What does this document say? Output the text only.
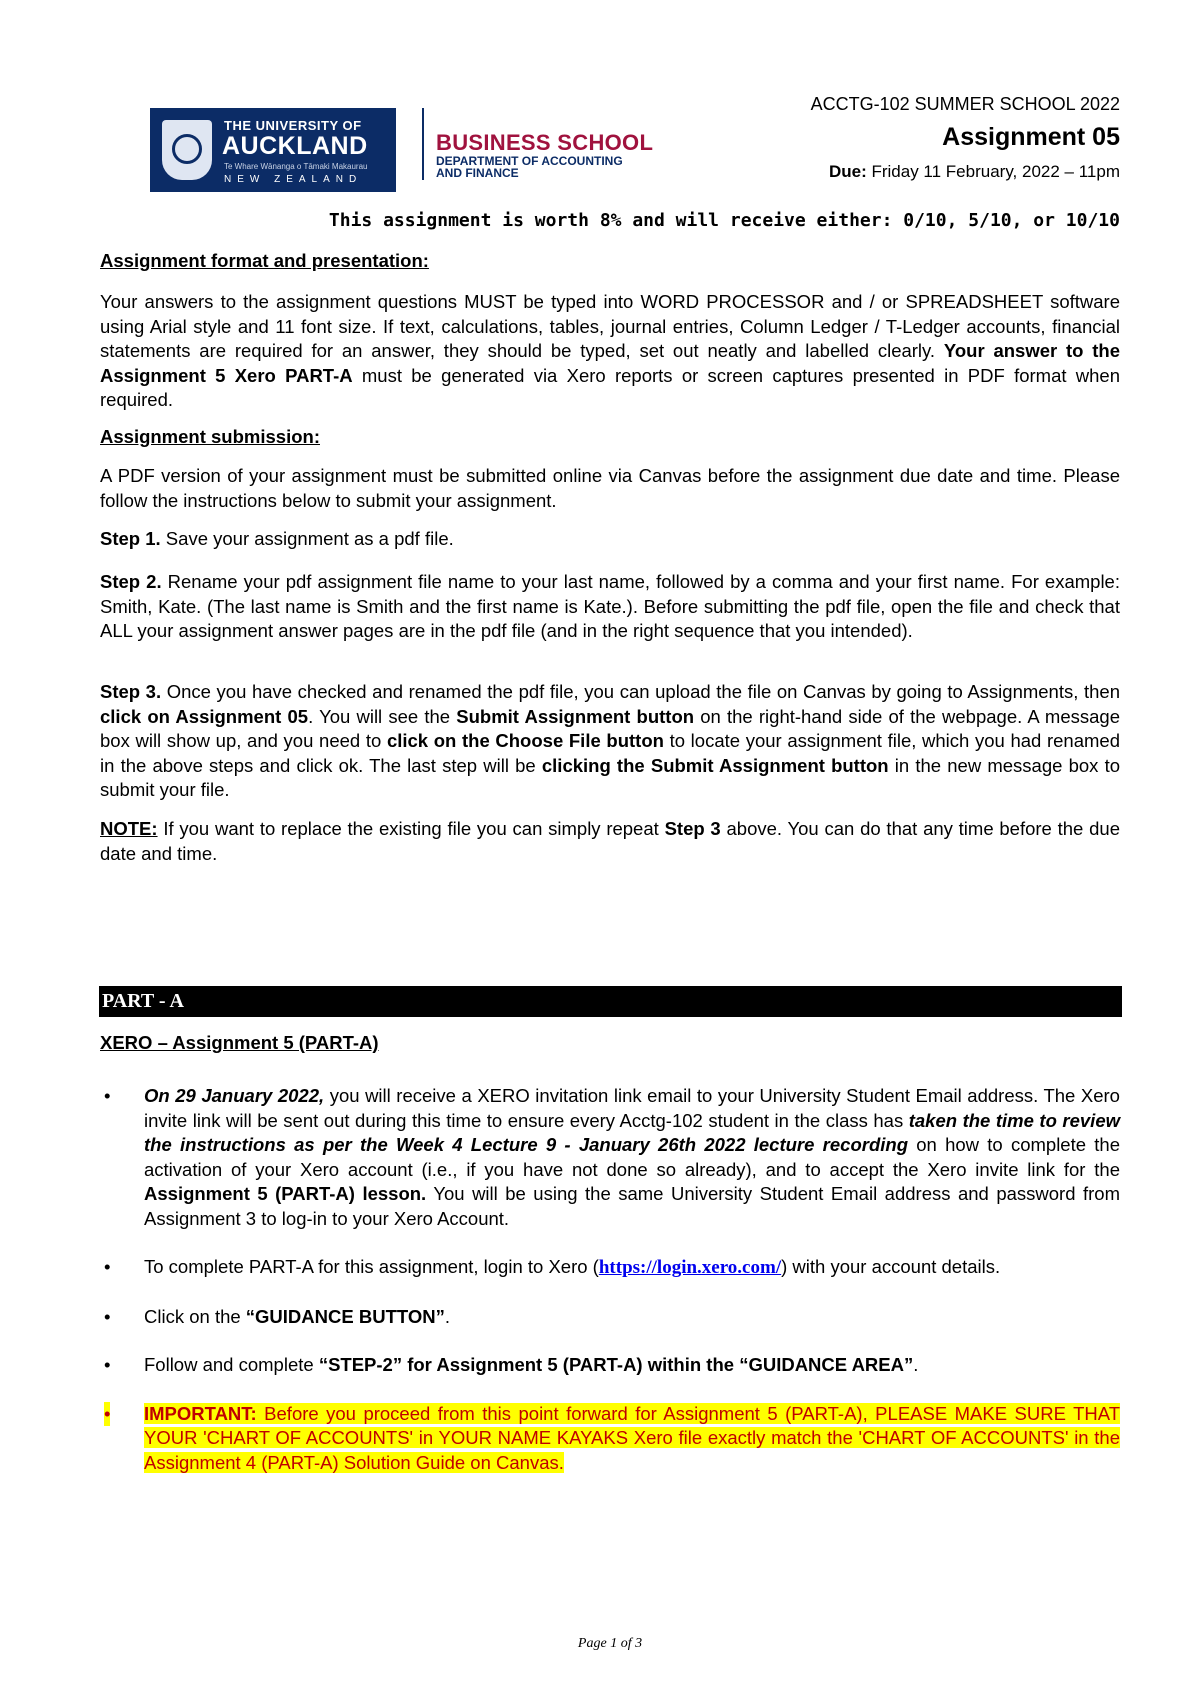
THE UNIVERSITY OF
AUCKLAND
Te Whare Wānanga o Tāmaki Makaurau
NEW ZEALAND
BUSINESS SCHOOL
DEPARTMENT OF ACCOUNTING
AND FINANCE
ACCTG-102 SUMMER SCHOOL 2022
Assignment 05
Due: Friday 11 February, 2022 – 11pm
This assignment is worth 8% and will receive either: 0/10, 5/10, or 10/10
Assignment format and presentation:
Your answers to the assignment questions MUST be typed into WORD PROCESSOR and / or SPREADSHEET software using Arial style and 11 font size. If text, calculations, tables, journal entries, Column Ledger / T-Ledger accounts, financial statements are required for an answer, they should be typed, set out neatly and labelled clearly. Your answer to the Assignment 5 Xero PART-A must be generated via Xero reports or screen captures presented in PDF format when required.
Assignment submission:
A PDF version of your assignment must be submitted online via Canvas before the assignment due date and time. Please follow the instructions below to submit your assignment.
Step 1. Save your assignment as a pdf file.
Step 2. Rename your pdf assignment file name to your last name, followed by a comma and your first name. For example: Smith, Kate. (The last name is Smith and the first name is Kate.). Before submitting the pdf file, open the file and check that ALL your assignment answer pages are in the pdf file (and in the right sequence that you intended).
Step 3. Once you have checked and renamed the pdf file, you can upload the file on Canvas by going to Assignments, then click on Assignment 05. You will see the Submit Assignment button on the right-hand side of the webpage. A message box will show up, and you need to click on the Choose File button to locate your assignment file, which you had renamed in the above steps and click ok. The last step will be clicking the Submit Assignment button in the new message box to submit your file.
NOTE: If you want to replace the existing file you can simply repeat Step 3 above. You can do that any time before the due date and time.
PART - A
XERO – Assignment 5 (PART-A)
• On 29 January 2022, you will receive a XERO invitation link email to your University Student Email address. The Xero invite link will be sent out during this time to ensure every Acctg-102 student in the class has taken the time to review the instructions as per the Week 4 Lecture 9 - January 26th 2022 lecture recording on how to complete the activation of your Xero account (i.e., if you have not done so already), and to accept the Xero invite link for the Assignment 5 (PART-A) lesson. You will be using the same University Student Email address and password from Assignment 3 to log-in to your Xero Account.
• To complete PART-A for this assignment, login to Xero (https://login.xero.com/) with your account details.
• Click on the “GUIDANCE BUTTON”.
• Follow and complete “STEP-2” for Assignment 5 (PART-A) within the “GUIDANCE AREA”.
• IMPORTANT: Before you proceed from this point forward for Assignment 5 (PART-A), PLEASE MAKE SURE THAT YOUR 'CHART OF ACCOUNTS' in YOUR NAME KAYAKS Xero file exactly match the 'CHART OF ACCOUNTS' in the Assignment 4 (PART-A) Solution Guide on Canvas.
Page 1 of 3
